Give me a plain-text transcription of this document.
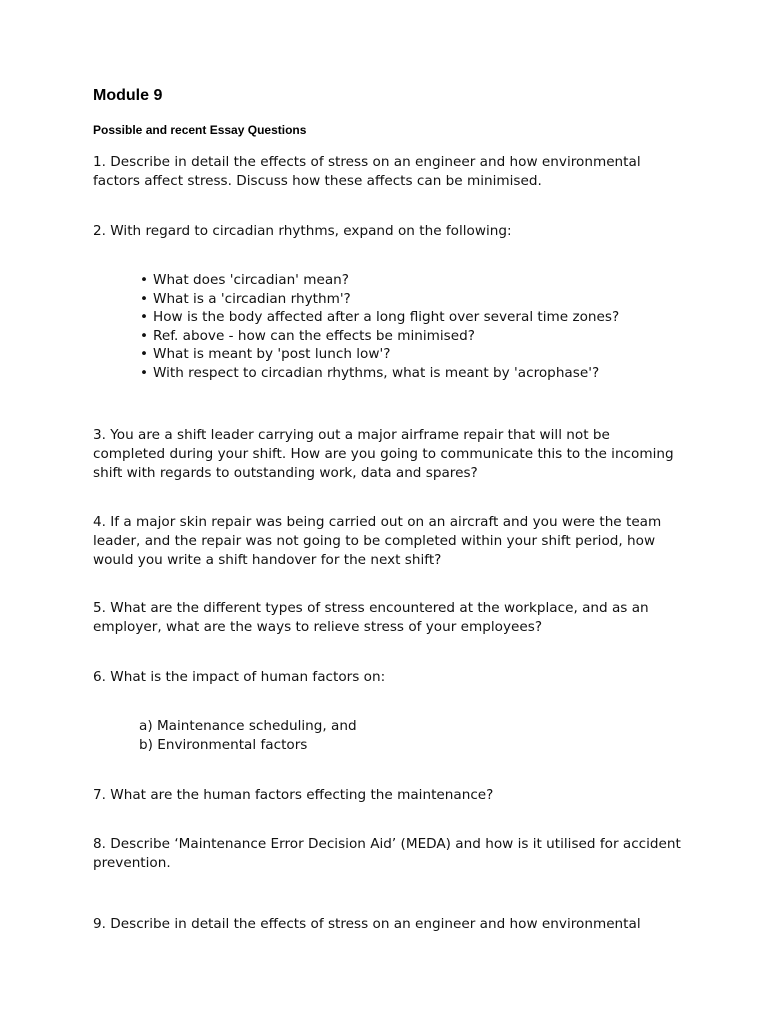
Module 9
Possible and recent Essay Questions

1. Describe in detail the effects of stress on an engineer and how environmental factors affect stress. Discuss how these affects can be minimised.

2. With regard to circadian rhythms, expand on the following:

• What does 'circadian' mean?
• What is a 'circadian rhythm'?
• How is the body affected after a long flight over several time zones?
• Ref. above - how can the effects be minimised?
• What is meant by 'post lunch low'?
• With respect to circadian rhythms, what is meant by 'acrophase'?

3. You are a shift leader carrying out a major airframe repair that will not be completed during your shift. How are you going to communicate this to the incoming shift with regards to outstanding work, data and spares?

4. If a major skin repair was being carried out on an aircraft and you were the team leader, and the repair was not going to be completed within your shift period, how would you write a shift handover for the next shift?

5. What are the different types of stress encountered at the workplace, and as an employer, what are the ways to relieve stress of your employees?

6. What is the impact of human factors on:

a) Maintenance scheduling, and
b) Environmental factors

7. What are the human factors effecting the maintenance?

8. Describe ‘Maintenance Error Decision Aid’ (MEDA) and how is it utilised for accident prevention.

9. Describe in detail the effects of stress on an engineer and how environmental
